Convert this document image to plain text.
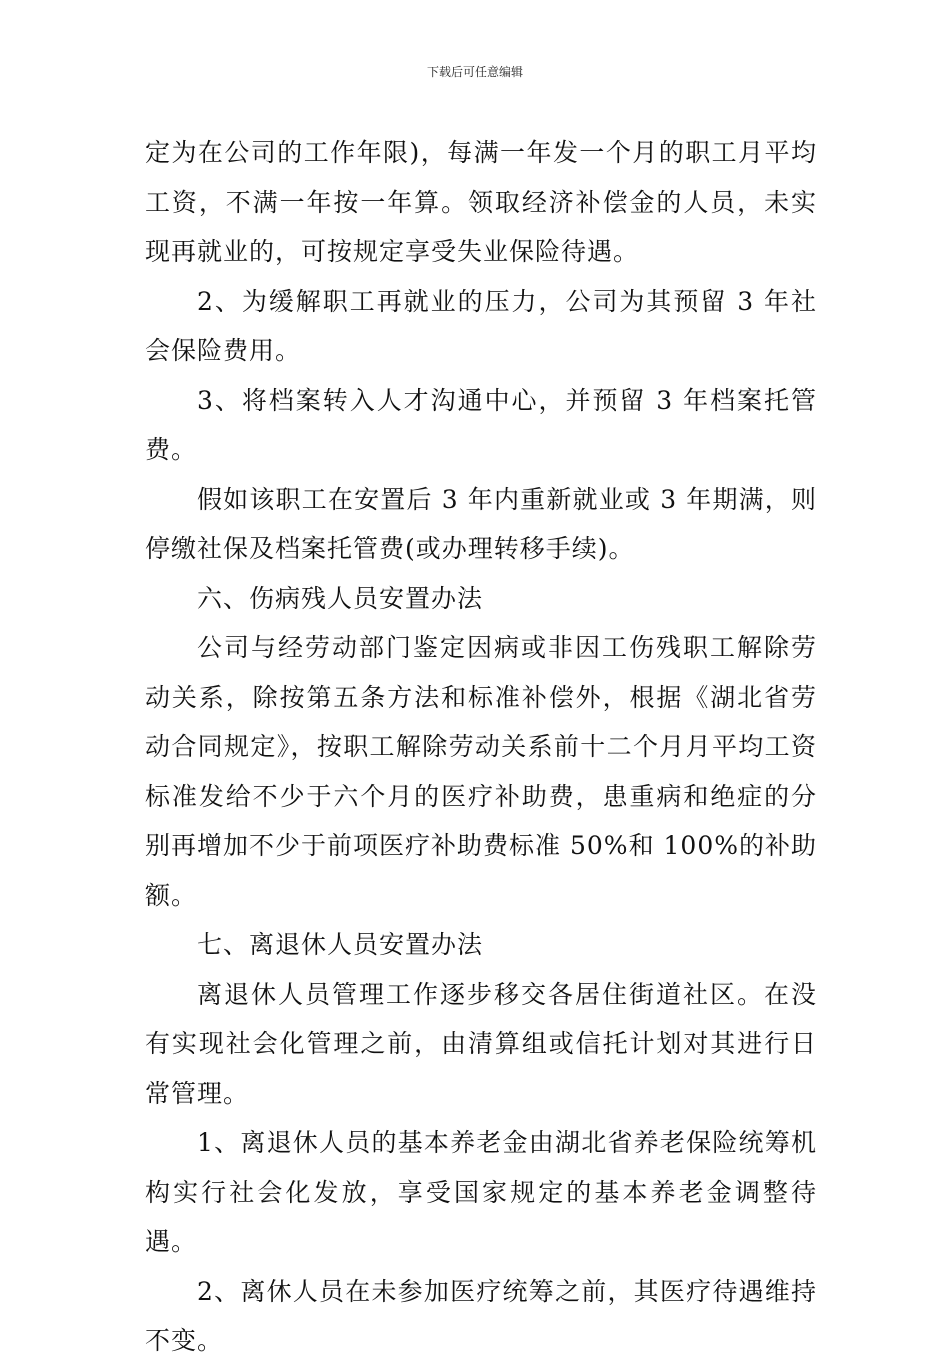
下载后可任意编辑

定为在公司的工作年限)，每满一年发一个月的职工月平均工资，不满一年按一年算。领取经济补偿金的人员，未实现再就业的，可按规定享受失业保险待遇。

2、为缓解职工再就业的压力，公司为其预留 3 年社会保险费用。

3、将档案转入人才沟通中心，并预留 3 年档案托管费。

假如该职工在安置后 3 年内重新就业或 3 年期满，则停缴社保及档案托管费(或办理转移手续)。

六、伤病残人员安置办法

公司与经劳动部门鉴定因病或非因工伤残职工解除劳动关系，除按第五条方法和标准补偿外，根据《湖北省劳动合同规定》，按职工解除劳动关系前十二个月月平均工资标准发给不少于六个月的医疗补助费，患重病和绝症的分别再增加不少于前项医疗补助费标准 50%和 100%的补助额。

七、离退休人员安置办法

离退休人员管理工作逐步移交各居住街道社区。在没有实现社会化管理之前，由清算组或信托计划对其进行日常管理。

1、离退休人员的基本养老金由湖北省养老保险统筹机构实行社会化发放，享受国家规定的基本养老金调整待遇。

2、离休人员在未参加医疗统筹之前，其医疗待遇维持不变。
